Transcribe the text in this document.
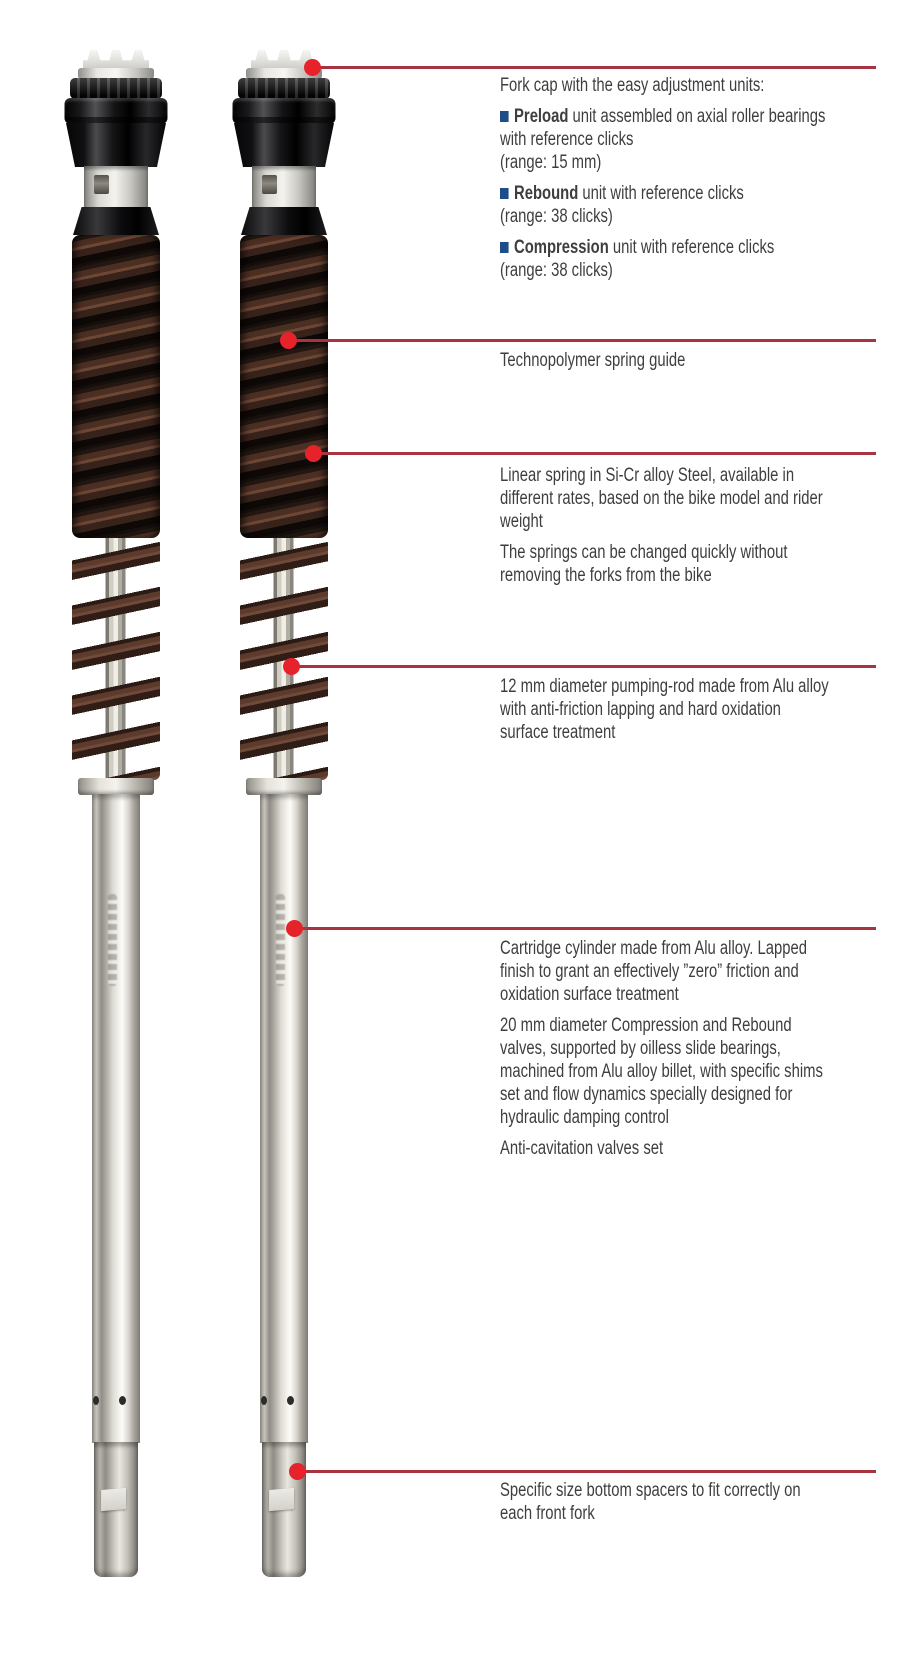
Fork cap with the easy adjustment units:

Preload unit assembled on axial roller bearings with reference clicks
(range: 15 mm)

Rebound unit with reference clicks
(range: 38 clicks)

Compression unit with reference clicks
(range: 38 clicks)

Technopolymer spring guide

Linear spring in Si-Cr alloy Steel, available in different rates, based on the bike model and rider weight

The springs can be changed quickly without removing the forks from the bike

12 mm diameter pumping-rod made from Alu alloy with anti-friction lapping and hard oxidation surface treatment

Cartridge cylinder made from Alu alloy. Lapped finish to grant an effectively ”zero” friction and oxidation surface treatment

20 mm diameter Compression and Rebound valves, supported by oilless slide bearings, machined from Alu alloy billet, with specific shims set and flow dynamics specially designed for hydraulic damping control

Anti-cavitation valves set

Specific size bottom spacers to fit correctly on each front fork
